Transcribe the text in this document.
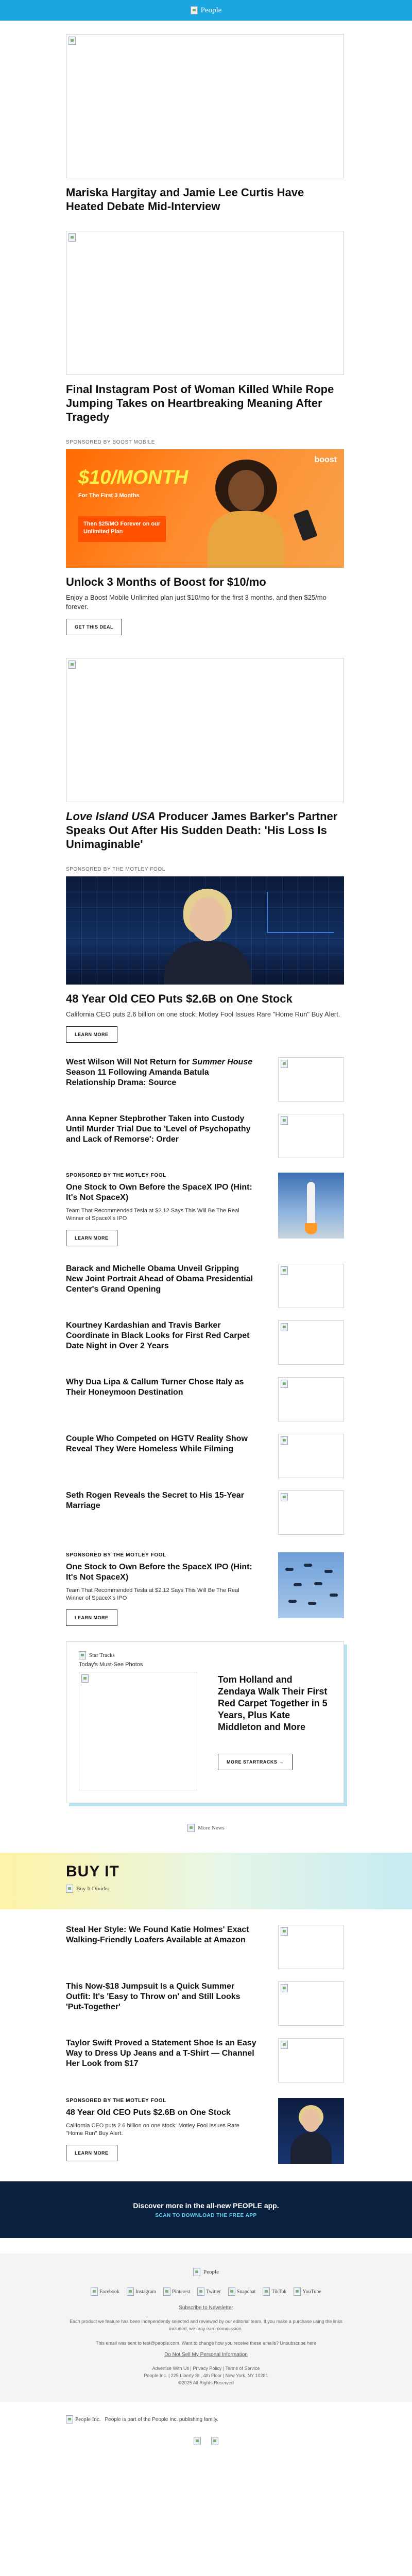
People
Mariska Hargitay and Jamie Lee Curtis Have Heated Debate Mid-Interview
Final Instagram Post of Woman Killed While Rope Jumping Takes on Heartbreaking Meaning After Tragedy
SPONSORED BY BOOST MOBILE
$10/MONTH
For The First 3 Months
boost
Then $25/MO Forever on our Unlimited Plan
Unlock 3 Months of Boost for $10/mo
Enjoy a Boost Mobile Unlimited plan just $10/mo for the first 3 months, and then $25/mo forever.
GET THIS DEAL
Love Island USA Producer James Barker's Partner Speaks Out After His Sudden Death: 'His Loss Is Unimaginable'
SPONSORED BY THE MOTLEY FOOL
48 Year Old CEO Puts $2.6B on One Stock
California CEO puts 2.6 billion on one stock: Motley Fool Issues Rare "Home Run" Buy Alert.
LEARN MORE
West Wilson Will Not Return for Summer House Season 11 Following Amanda Batula Relationship Drama: Source
Anna Kepner Stepbrother Taken into Custody Until Murder Trial Due to 'Level of Psychopathy and Lack of Remorse': Order
SPONSORED BY THE MOTLEY FOOL
One Stock to Own Before the SpaceX IPO (Hint: It's Not SpaceX)

Team That Recommended Tesla at $2.12 Says This Will Be The Real Winner of SpaceX's IPO

LEARN MORE
Barack and Michelle Obama Unveil Gripping New Joint Portrait Ahead of Obama Presidential Center's Grand Opening
Kourtney Kardashian and Travis Barker Coordinate in Black Looks for First Red Carpet Date Night in Over 2 Years
Why Dua Lipa & Callum Turner Chose Italy as Their Honeymoon Destination
Couple Who Competed on HGTV Reality Show Reveal They Were Homeless While Filming
Seth Rogen Reveals the Secret to His 15-Year Marriage
SPONSORED BY THE MOTLEY FOOL
One Stock to Own Before the SpaceX IPO (Hint: It's Not SpaceX)

Team That Recommended Tesla at $2.12 Says This Will Be The Real Winner of SpaceX's IPO

LEARN MORE
Star Tracks
Today's Must-See Photos
Tom Holland and Zendaya Walk Their First Red Carpet Together in 5 Years, Plus Kate Middleton and More
MORE STARTRACKS →
More News
BUY IT
Buy It Divider
Steal Her Style: We Found Katie Holmes' Exact Walking-Friendly Loafers Available at Amazon
This Now-$18 Jumpsuit Is a Quick Summer Outfit: It's 'Easy to Throw on' and Still Looks 'Put-Together'
Taylor Swift Proved a Statement Shoe Is an Easy Way to Dress Up Jeans and a T-Shirt — Channel Her Look from $17
SPONSORED BY THE MOTLEY FOOL
48 Year Old CEO Puts $2.6B on One Stock

California CEO puts 2.6 billion on one stock: Motley Fool Issues Rare "Home Run" Buy Alert.

LEARN MORE
Discover more in the all-new PEOPLE app.
SCAN TO DOWNLOAD THE FREE APP
People
Facebook	Instagram	Pinterest	Twitter	Snapchat	TikTok	YouTube
Subscribe to Newsletter
Each product we feature has been independently selected and reviewed by our editorial team. If you make a purchase using the links included, we may earn commission.
This email was sent to test@people.com. Want to change how you receive these emails? Unsubscribe here
Do Not Sell My Personal Information
Advertise With Us | Privacy Policy | Terms of Service
People Inc. | 225 Liberty St., 4th Floor | New York, NY 10281
©2025 All Rights Reserved
People Inc. People is part of the People Inc. publishing family.
